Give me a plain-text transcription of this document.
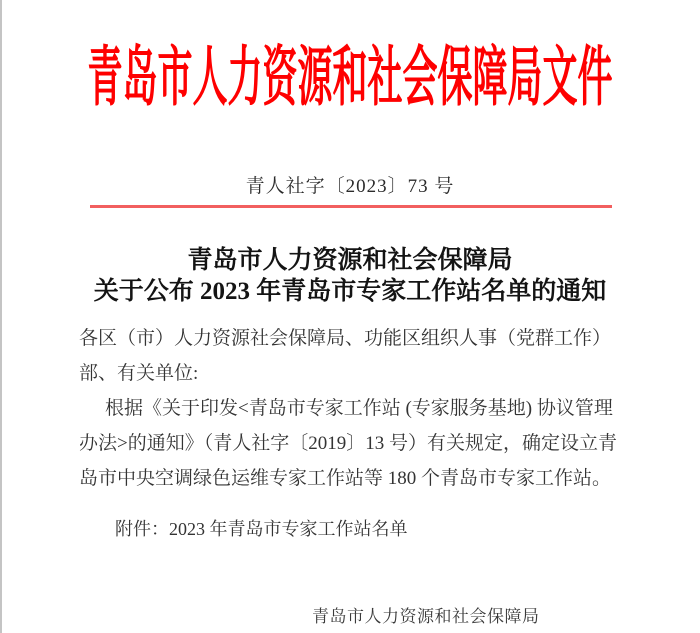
青岛市人力资源和社会保障局文件
青人社字〔2023〕73 号
青岛市人力资源和社会保障局
关于公布 2023 年青岛市专家工作站名单的通知
各区（市）人力资源社会保障局、功能区组织人事（党群工作）
部、有关单位:
根据《关于印发<青岛市专家工作站 (专家服务基地) 协议管理
办法>的通知》（青人社字〔2019〕13 号）有关规定，确定设立青
岛市中央空调绿色运维专家工作站等 180 个青岛市专家工作站。
附件：2023 年青岛市专家工作站名单
青岛市人力资源和社会保障局
